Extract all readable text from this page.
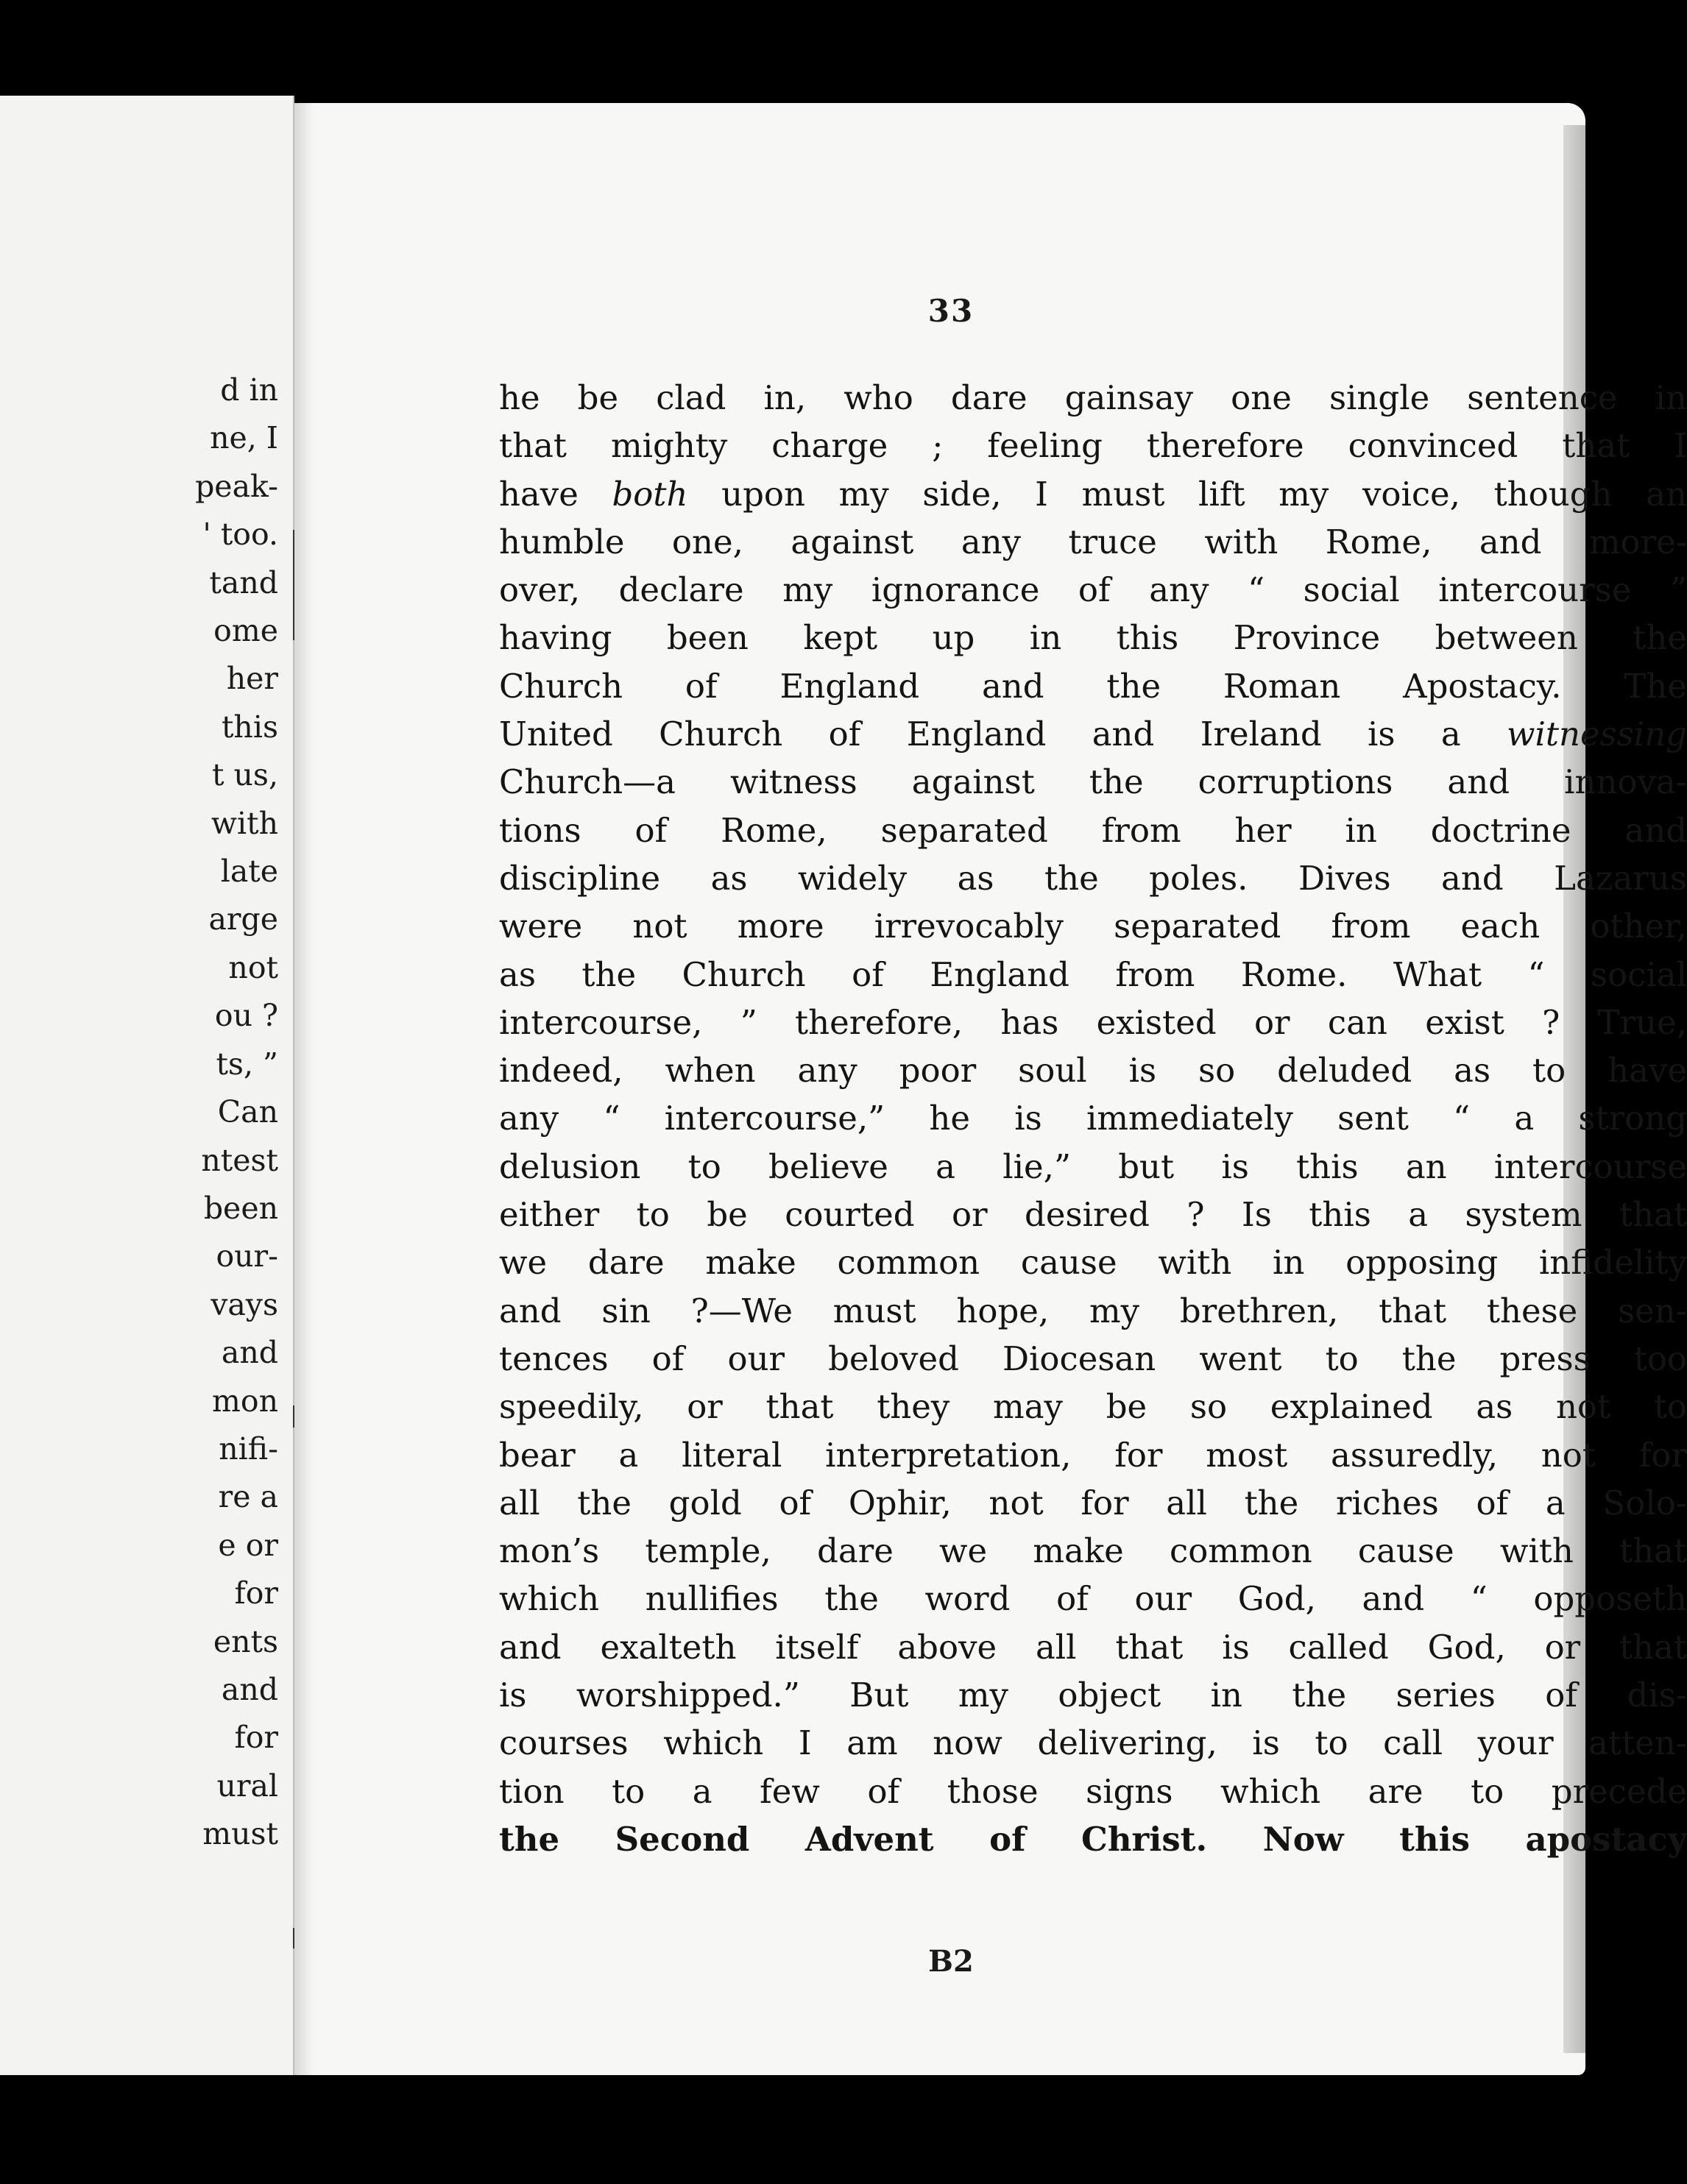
d in
ne, I
peak-
' too.
tand
ome
her
this
t us,
with
late
arge
not
ou ?
ts, ”
Can
ntest
been
our-
vays
and
mon
nifi-
re a
e or
for
ents
and
for
ural
must
33
he be clad in, who dare gainsay one single sentence in
that mighty charge ; feeling therefore convinced that I
have both upon my side, I must lift my voice, though an
humble one, against any truce with Rome, and more-
over, declare my ignorance of any “ social intercourse ”
having been kept up in this Province between the
Church of England and the Roman Apostacy. The
United Church of England and Ireland is a witnessing
Church—a witness against the corruptions and innova-
tions of Rome, separated from her in doctrine and
discipline as widely as the poles. Dives and Lazarus
were not more irrevocably separated from each other,
as the Church of England from Rome. What “ social
intercourse, ” therefore, has existed or can exist ? True,
indeed, when any poor soul is so deluded as to have
any “ intercourse,” he is immediately sent “ a strong
delusion to believe a lie,” but is this an intercourse
either to be courted or desired ? Is this a system that
we dare make common cause with in opposing infidelity
and sin ?—We must hope, my brethren, that these sen-
tences of our beloved Diocesan went to the press too
speedily, or that they may be so explained as not to
bear a literal interpretation, for most assuredly, not for
all the gold of Ophir, not for all the riches of a Solo-
mon’s temple, dare we make common cause with that
which nullifies the word of our God, and “ opposeth
and exalteth itself above all that is called God, or that
is worshipped.” But my object in the series of dis-
courses which I am now delivering, is to call your atten-
tion to a few of those signs which are to precede
the Second Advent of Christ. Now this apostacy
B2
